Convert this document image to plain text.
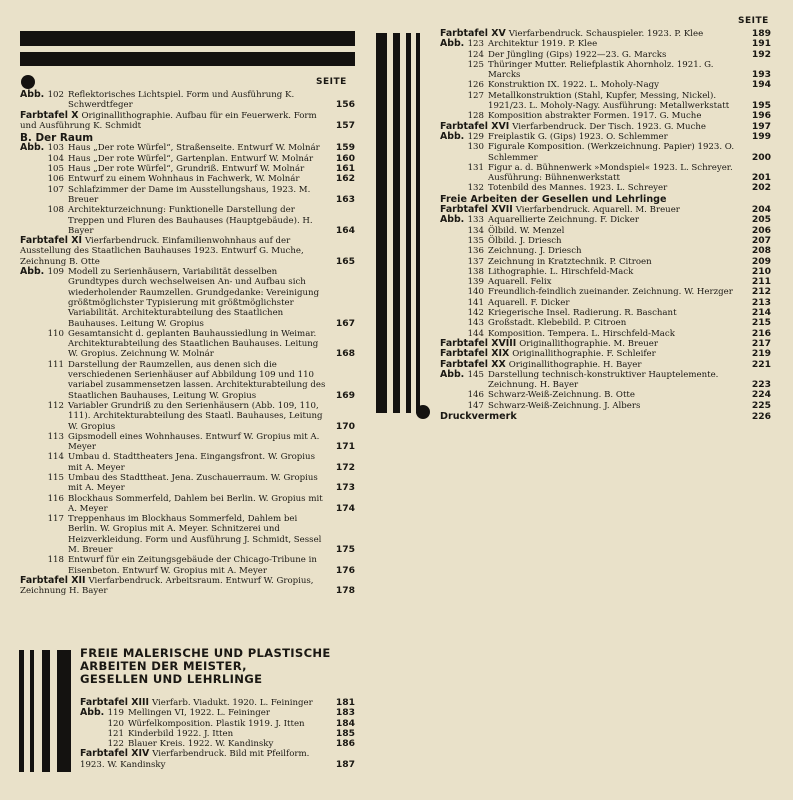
SEITE
Abb. 102 Reflektorisches Lichtspiel. Form und Ausführung K. Schwerdtfeger	156
Farbtafel X Originallithographie. Aufbau für ein Feuerwerk. Form und Ausführung K. Schmidt	157
B. Der Raum
Abb. 103 Haus „Der rote Würfel“, Straßenseite. Entwurf W. Molnár	159
104 Haus „Der rote Würfel“, Gartenplan. Entwurf W. Molnár	160
105 Haus „Der rote Würfel“, Grundriß. Entwurf W. Molnár	161
106 Entwurf zu einem Wohnhaus in Fachwerk, W. Molnár	162
107 Schlafzimmer der Dame im Ausstellungshaus, 1923. M. Breuer	163
108 Architekturzeichnung: Funktionelle Darstellung der Treppen und Fluren des Bauhauses (Hauptgebäude). H. Bayer	164
Farbtafel XI Vierfarbendruck. Einfamilienwohnhaus auf der Ausstellung des Staatlichen Bauhauses 1923. Entwurf G. Muche, Zeichnung B. Otte	165
Abb. 109 Modell zu Serienhäusern, Variabilität desselben Grundtypes durch wechselweisen An- und Aufbau sich wiederholender Raumzellen. Grundgedanke: Vereinigung größtmöglichster Typisierung mit größtmöglichster Variabilität. Architekturabteilung des Staatlichen Bauhauses. Leitung W. Gropius	167
110 Gesamtansicht d. geplanten Bauhaussiedlung in Weimar. Architekturabteilung des Staatlichen Bauhauses. Leitung W. Gropius. Zeichnung W. Molnár	168
111 Darstellung der Raumzellen, aus denen sich die verschiedenen Serienhäuser auf Abbildung 109 und 110 variabel zusammensetzen lassen. Architekturabteilung des Staatlichen Bauhauses, Leitung W. Gropius	169
112 Variabler Grundriß zu den Serienhäusern (Abb. 109, 110, 111). Architekturabteilung des Staatl. Bauhauses, Leitung W. Gropius	170
113 Gipsmodell eines Wohnhauses. Entwurf W. Gropius mit A. Meyer	171
114 Umbau d. Stadttheaters Jena. Eingangsfront. W. Gropius mit A. Meyer	172
115 Umbau des Stadttheat. Jena. Zuschauerraum. W. Gropius mit A. Meyer	173
116 Blockhaus Sommerfeld, Dahlem bei Berlin. W. Gropius mit A. Meyer	174
117 Treppenhaus im Blockhaus Sommerfeld, Dahlem bei Berlin. W. Gropius mit A. Meyer. Schnitzerei und Heizverkleidung. Form und Ausführung J. Schmidt, Sessel M. Breuer	175
118 Entwurf für ein Zeitungsgebäude der Chicago-Tribune in Eisenbeton. Entwurf W. Gropius mit A. Meyer	176
Farbtafel XII Vierfarbendruck. Arbeitsraum. Entwurf W. Gropius, Zeichnung H. Bayer	178
FREIE MALERISCHE UND PLASTISCHE
ARBEITEN DER MEISTER,
GESELLEN UND LEHRLINGE
Farbtafel XIII Vierfarb. Viadukt. 1920. L. Feininger	181
Abb. 119 Mellingen VI, 1922. L. Feininger	183
120 Würfelkomposition. Plastik 1919. J. Itten	184
121 Kinderbild 1922. J. Itten	185
122 Blauer Kreis. 1922. W. Kandinsky	186
Farbtafel XIV Vierfarbendruck. Bild mit Pfeilform. 1923. W. Kandinsky	187
SEITE
Farbtafel XV Vierfarbendruck. Schauspieler. 1923. P. Klee	189
Abb. 123 Architektur 1919. P. Klee	191
124 Der Jüngling (Gips) 1922—23. G. Marcks	192
125 Thüringer Mutter. Reliefplastik Ahornholz. 1921. G. Marcks	193
126 Konstruktion IX. 1922. L. Moholy-Nagy	194
127 Metallkonstruktion (Stahl, Kupfer, Messing, Nickel). 1921/23. L. Moholy-Nagy. Ausführung: Metallwerkstatt	195
128 Komposition abstrakter Formen. 1917. G. Muche	196
Farbtafel XVI Vierfarbendruck. Der Tisch. 1923. G. Muche	197
Abb. 129 Freiplastik G. (Gips) 1923. O. Schlemmer	199
130 Figurale Komposition. (Werkzeichnung. Papier) 1923. O. Schlemmer	200
131 Figur a. d. Bühnenwerk »Mondspiel« 1923. L. Schreyer. Ausführung: Bühnenwerkstatt	201
132 Totenbild des Mannes. 1923. L. Schreyer	202
Freie Arbeiten der Gesellen und Lehrlinge
Farbtafel XVII Vierfarbendruck. Aquarell. M. Breuer	204
Abb. 133 Aquarellierte Zeichnung. F. Dicker	205
134 Ölbild. W. Menzel	206
135 Ölbild. J. Driesch	207
136 Zeichnung. J. Driesch	208
137 Zeichnung in Kratztechnik. P. Citroen	209
138 Lithographie. L. Hirschfeld-Mack	210
139 Aquarell. Felix	211
140 Freundlich-feindlich zueinander. Zeichnung. W. Herzger	212
141 Aquarell. F. Dicker	213
142 Kriegerische Insel. Radierung. R. Baschant	214
143 Großstadt. Klebebild. P. Citroen	215
144 Komposition. Tempera. L. Hirschfeld-Mack	216
Farbtafel XVIII Originallithographie. M. Breuer	217
Farbtafel XIX Originallithographie. F. Schleifer	219
Farbtafel XX Originallithographie. H. Bayer	221
Abb. 145 Darstellung technisch-konstruktiver Hauptelemente. Zeichnung. H. Bayer	223
146 Schwarz-Weiß-Zeichnung. B. Otte	224
147 Schwarz-Weiß-Zeichnung. J. Albers	225
Druckvermerk	226
